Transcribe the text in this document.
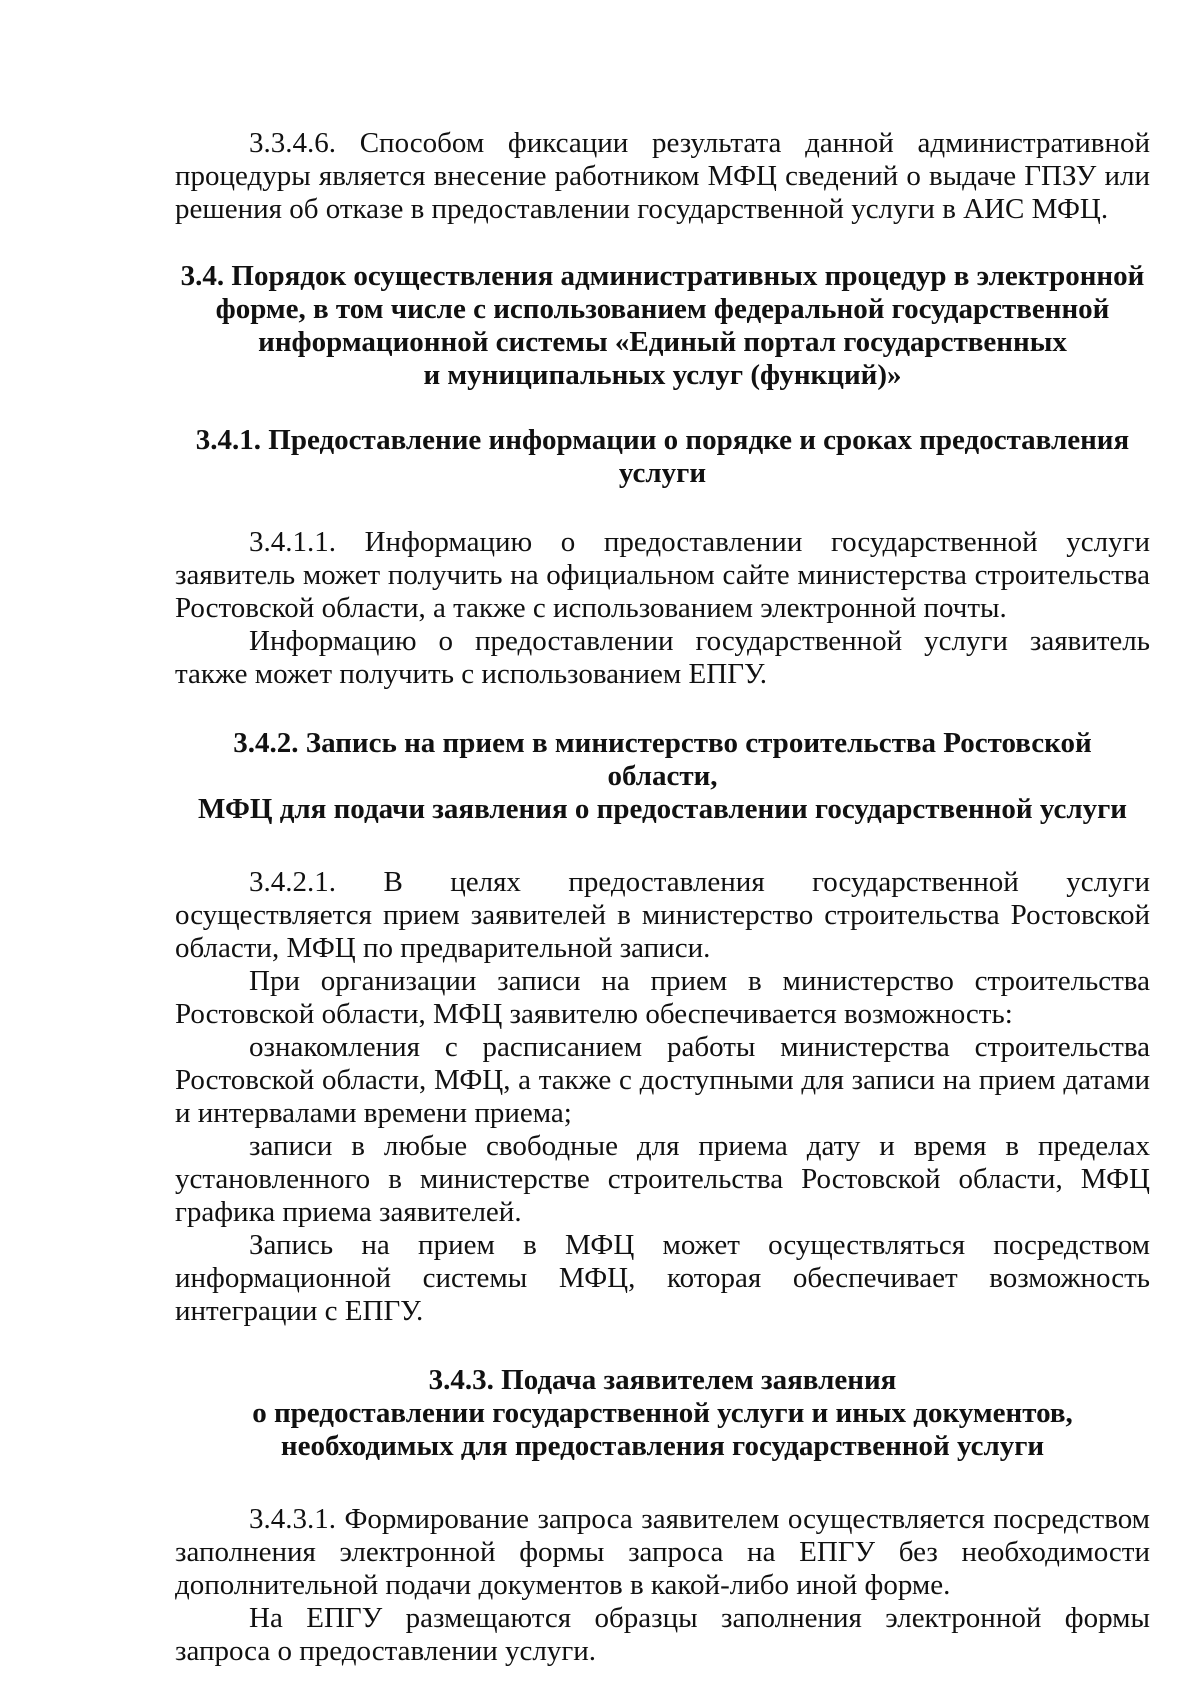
3.3.4.6. Способом фиксации результата данной административной процедуры является внесение работником МФЦ сведений о выдаче ГПЗУ или решения об отказе в предоставлении государственной услуги в АИС МФЦ.

3.4. Порядок осуществления административных процедур в электронной
форме, в том числе с использованием федеральной государственной
информационной системы «Единый портал государственных
и муниципальных услуг (функций)»
3.4.1. Предоставление информации о порядке и сроках предоставления
услуги

3.4.1.1. Информацию о предоставлении государственной услуги заявитель может получить на официальном сайте министерства строительства Ростовской области, а также с использованием электронной почты.

Информацию о предоставлении государственной услуги заявитель также может получить с использованием ЕПГУ.

3.4.2. Запись на прием в министерство строительства Ростовской области,
МФЦ для подачи заявления о предоставлении государственной услуги

3.4.2.1. В целях предоставления государственной услуги осуществляется прием заявителей в министерство строительства Ростовской области, МФЦ по предварительной записи.

При организации записи на прием в министерство строительства Ростовской области, МФЦ заявителю обеспечивается возможность:

ознакомления с расписанием работы министерства строительства Ростовской области, МФЦ, а также с доступными для записи на прием датами и интервалами времени приема;

записи в любые свободные для приема дату и время в пределах установленного в министерстве строительства Ростовской области, МФЦ графика приема заявителей.

Запись на прием в МФЦ может осуществляться посредством информационной системы МФЦ, которая обеспечивает возможность интеграции с ЕПГУ.

3.4.3. Подача заявителем заявления
о предоставлении государственной услуги и иных документов,
необходимых для предоставления государственной услуги

3.4.3.1. Формирование запроса заявителем осуществляется посредством заполнения электронной формы запроса на ЕПГУ без необходимости дополнительной подачи документов в какой-либо иной форме.

На ЕПГУ размещаются образцы заполнения электронной формы запроса о предоставлении услуги.
